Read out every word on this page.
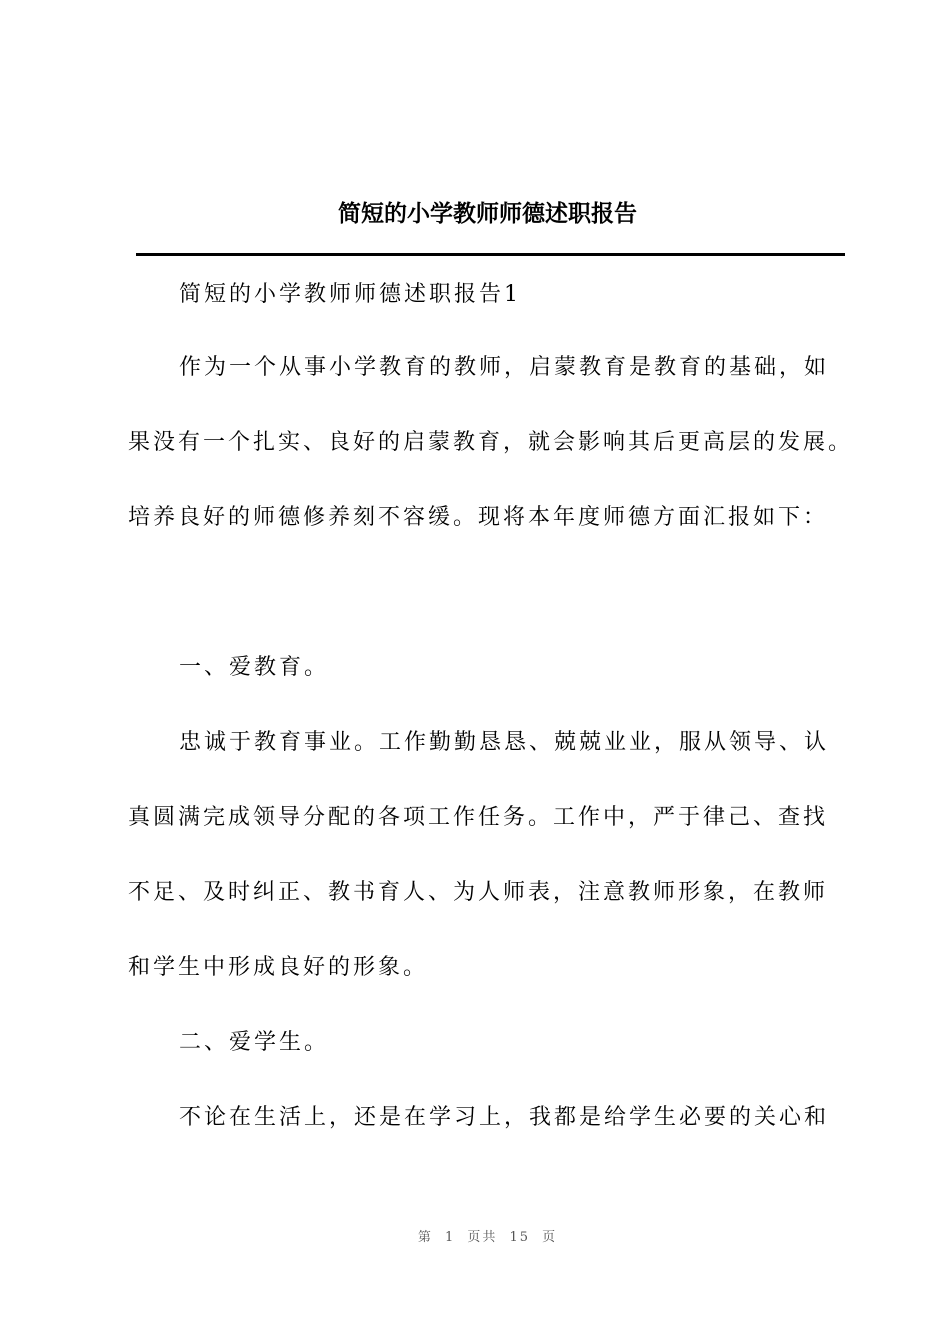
简短的小学教师师德述职报告

简短的小学教师师德述职报告1

作为一个从事小学教育的教师，启蒙教育是教育的基础，如

果没有一个扎实、良好的启蒙教育，就会影响其后更高层的发展。

培养良好的师德修养刻不容缓。现将本年度师德方面汇报如下：

一、爱教育。

忠诚于教育事业。工作勤勤恳恳、兢兢业业，服从领导、认

真圆满完成领导分配的各项工作任务。工作中，严于律己、查找

不足、及时纠正、教书育人、为人师表，注意教师形象，在教师

和学生中形成良好的形象。

二、爱学生。

不论在生活上，还是在学习上，我都是给学生必要的关心和

第 1 页共 15 页
